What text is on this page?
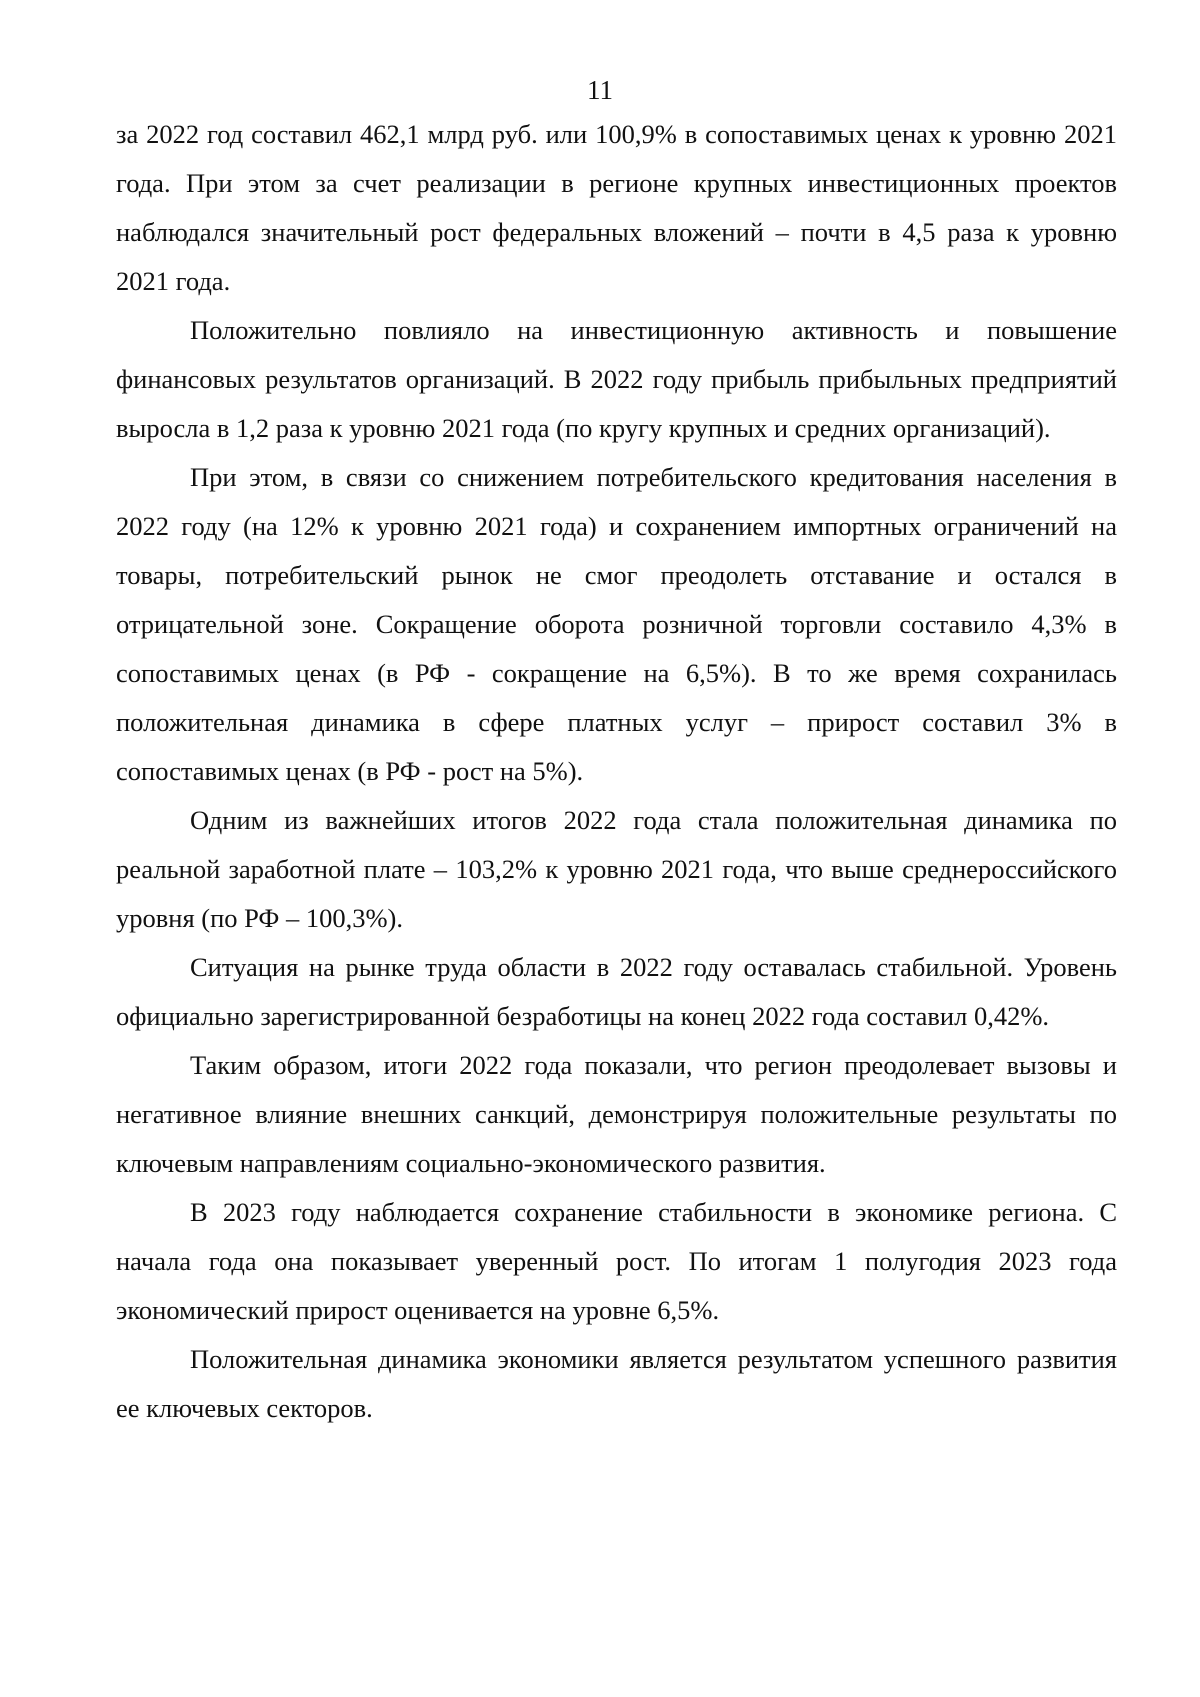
11

за 2022 год составил 462,1 млрд руб. или 100,9% в сопоставимых ценах к уровню 2021 года. При этом за счет реализации в регионе крупных инвестиционных проектов наблюдался значительный рост федеральных вложений – почти в 4,5 раза к уровню 2021 года.

Положительно повлияло на инвестиционную активность и повышение финансовых результатов организаций. В 2022 году прибыль прибыльных предприятий выросла в 1,2 раза к уровню 2021 года (по кругу крупных и средних организаций).

При этом, в связи со снижением потребительского кредитования населения в 2022 году (на 12% к уровню 2021 года) и сохранением импортных ограничений на товары, потребительский рынок не смог преодолеть отставание и остался в отрицательной зоне. Сокращение оборота розничной торговли составило 4,3% в сопоставимых ценах (в РФ - сокращение на 6,5%). В то же время сохранилась положительная динамика в сфере платных услуг – прирост составил 3% в сопоставимых ценах (в РФ - рост на 5%).

Одним из важнейших итогов 2022 года стала положительная динамика по реальной заработной плате – 103,2% к уровню 2021 года, что выше среднероссийского уровня (по РФ – 100,3%).

Ситуация на рынке труда области в 2022 году оставалась стабильной. Уровень официально зарегистрированной безработицы на конец 2022 года составил 0,42%.

Таким образом, итоги 2022 года показали, что регион преодолевает вызовы и негативное влияние внешних санкций, демонстрируя положительные результаты по ключевым направлениям социально-экономического развития.

В 2023 году наблюдается сохранение стабильности в экономике региона. С начала года она показывает уверенный рост. По итогам 1 полугодия 2023 года экономический прирост оценивается на уровне 6,5%.

Положительная динамика экономики является результатом успешного развития ее ключевых секторов.
